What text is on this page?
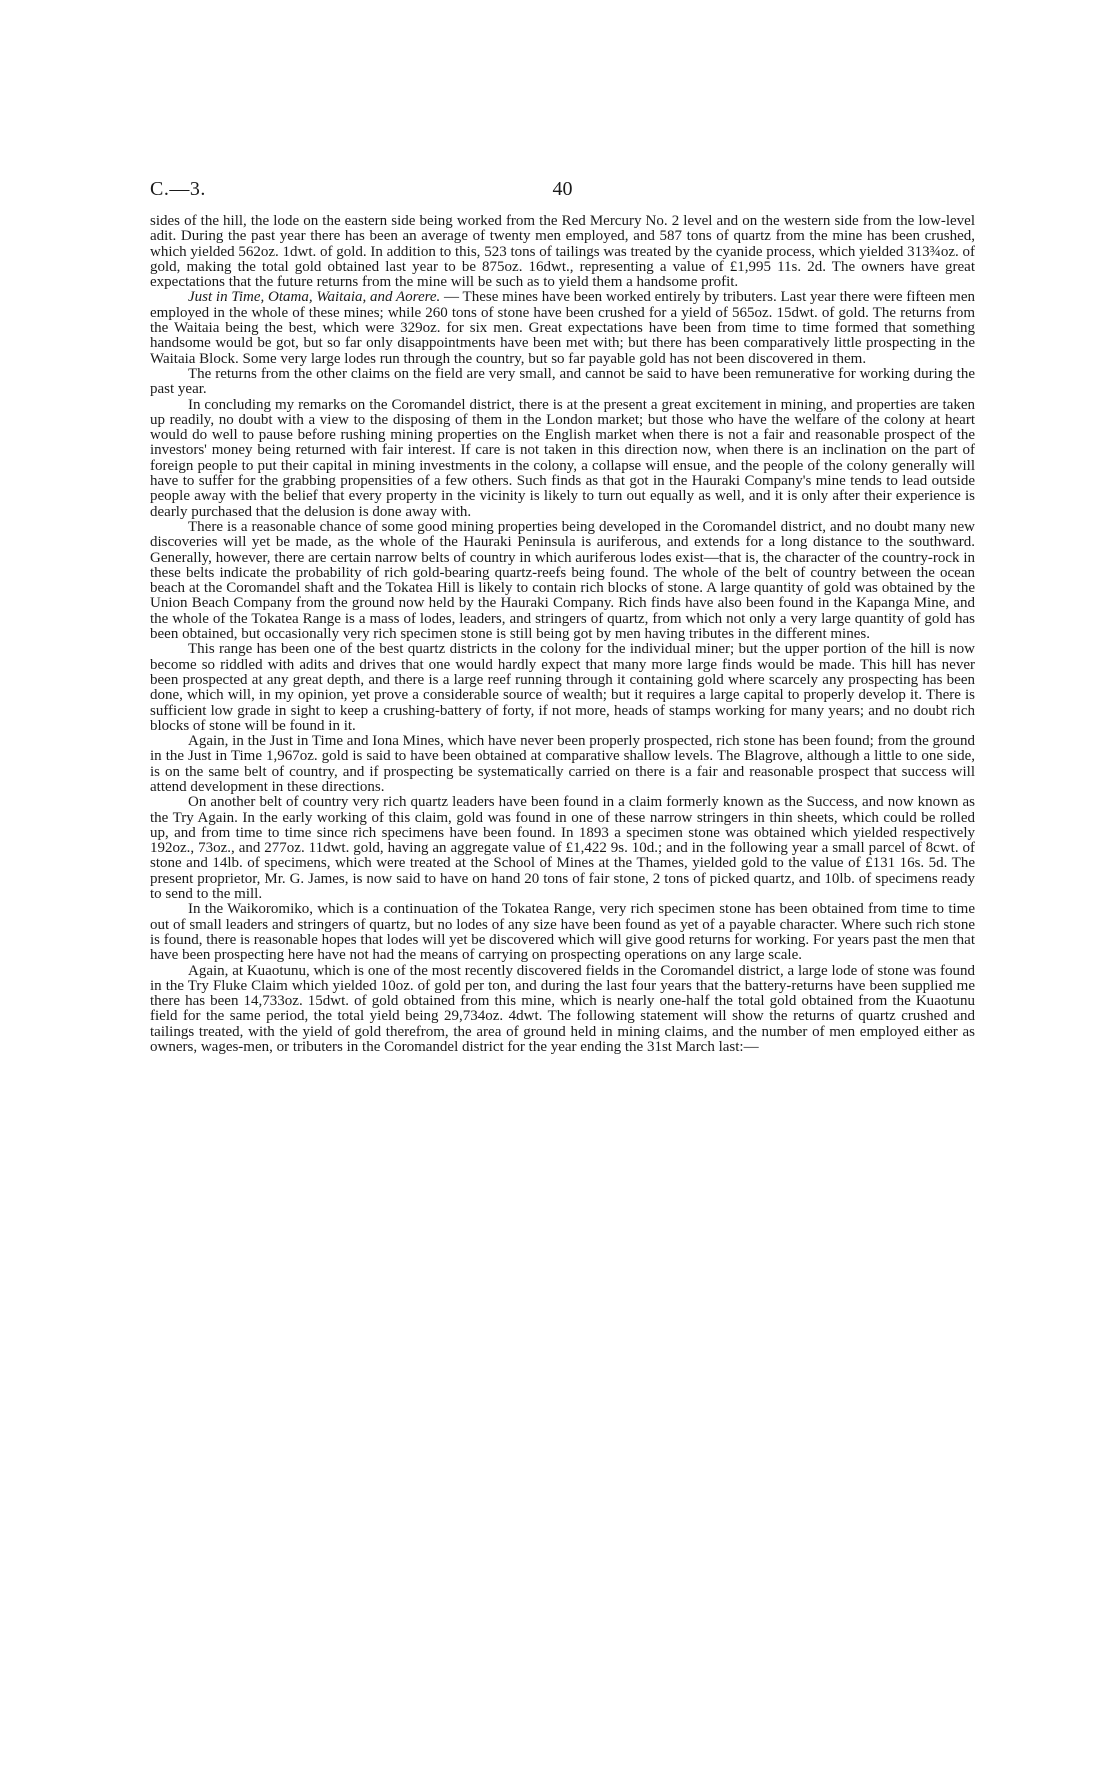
C.—3.	40

sides of the hill, the lode on the eastern side being worked from the Red Mercury No. 2 level and on the western side from the low-level adit. During the past year there has been an average of twenty men employed, and 587 tons of quartz from the mine has been crushed, which yielded 562oz. 1dwt. of gold. In addition to this, 523 tons of tailings was treated by the cyanide process, which yielded 313¾oz. of gold, making the total gold obtained last year to be 875oz. 16dwt., representing a value of £1,995 11s. 2d. The owners have great expectations that the future returns from the mine will be such as to yield them a handsome profit.

Just in Time, Otama, Waitaia, and Aorere. — These mines have been worked entirely by tributers. Last year there were fifteen men employed in the whole of these mines; while 260 tons of stone have been crushed for a yield of 565oz. 15dwt. of gold. The returns from the Waitaia being the best, which were 329oz. for six men. Great expectations have been from time to time formed that something handsome would be got, but so far only disappointments have been met with; but there has been comparatively little prospecting in the Waitaia Block. Some very large lodes run through the country, but so far payable gold has not been discovered in them.

The returns from the other claims on the field are very small, and cannot be said to have been remunerative for working during the past year.

In concluding my remarks on the Coromandel district, there is at the present a great excitement in mining, and properties are taken up readily, no doubt with a view to the disposing of them in the London market; but those who have the welfare of the colony at heart would do well to pause before rushing mining properties on the English market when there is not a fair and reasonable prospect of the investors' money being returned with fair interest. If care is not taken in this direction now, when there is an inclination on the part of foreign people to put their capital in mining investments in the colony, a collapse will ensue, and the people of the colony generally will have to suffer for the grabbing propensities of a few others. Such finds as that got in the Hauraki Company's mine tends to lead outside people away with the belief that every property in the vicinity is likely to turn out equally as well, and it is only after their experience is dearly purchased that the delusion is done away with.

There is a reasonable chance of some good mining properties being developed in the Coromandel district, and no doubt many new discoveries will yet be made, as the whole of the Hauraki Peninsula is auriferous, and extends for a long distance to the southward. Generally, however, there are certain narrow belts of country in which auriferous lodes exist—that is, the character of the country-rock in these belts indicate the probability of rich gold-bearing quartz-reefs being found. The whole of the belt of country between the ocean beach at the Coromandel shaft and the Tokatea Hill is likely to contain rich blocks of stone. A large quantity of gold was obtained by the Union Beach Company from the ground now held by the Hauraki Company. Rich finds have also been found in the Kapanga Mine, and the whole of the Tokatea Range is a mass of lodes, leaders, and stringers of quartz, from which not only a very large quantity of gold has been obtained, but occasionally very rich specimen stone is still being got by men having tributes in the different mines.

This range has been one of the best quartz districts in the colony for the individual miner; but the upper portion of the hill is now become so riddled with adits and drives that one would hardly expect that many more large finds would be made. This hill has never been prospected at any great depth, and there is a large reef running through it containing gold where scarcely any prospecting has been done, which will, in my opinion, yet prove a considerable source of wealth; but it requires a large capital to properly develop it. There is sufficient low grade in sight to keep a crushing-battery of forty, if not more, heads of stamps working for many years; and no doubt rich blocks of stone will be found in it.

Again, in the Just in Time and Iona Mines, which have never been properly prospected, rich stone has been found; from the ground in the Just in Time 1,967oz. gold is said to have been obtained at comparative shallow levels. The Blagrove, although a little to one side, is on the same belt of country, and if prospecting be systematically carried on there is a fair and reasonable prospect that success will attend development in these directions.

On another belt of country very rich quartz leaders have been found in a claim formerly known as the Success, and now known as the Try Again. In the early working of this claim, gold was found in one of these narrow stringers in thin sheets, which could be rolled up, and from time to time since rich specimens have been found. In 1893 a specimen stone was obtained which yielded respectively 192oz., 73oz., and 277oz. 11dwt. gold, having an aggregate value of £1,422 9s. 10d.; and in the following year a small parcel of 8cwt. of stone and 14lb. of specimens, which were treated at the School of Mines at the Thames, yielded gold to the value of £131 16s. 5d. The present proprietor, Mr. G. James, is now said to have on hand 20 tons of fair stone, 2 tons of picked quartz, and 10lb. of specimens ready to send to the mill.

In the Waikoromiko, which is a continuation of the Tokatea Range, very rich specimen stone has been obtained from time to time out of small leaders and stringers of quartz, but no lodes of any size have been found as yet of a payable character. Where such rich stone is found, there is reasonable hopes that lodes will yet be discovered which will give good returns for working. For years past the men that have been prospecting here have not had the means of carrying on prospecting operations on any large scale.

Again, at Kuaotunu, which is one of the most recently discovered fields in the Coromandel district, a large lode of stone was found in the Try Fluke Claim which yielded 10oz. of gold per ton, and during the last four years that the battery-returns have been supplied me there has been 14,733oz. 15dwt. of gold obtained from this mine, which is nearly one-half the total gold obtained from the Kuaotunu field for the same period, the total yield being 29,734oz. 4dwt. The following statement will show the returns of quartz crushed and tailings treated, with the yield of gold therefrom, the area of ground held in mining claims, and the number of men employed either as owners, wages-men, or tributers in the Coromandel district for the year ending the 31st March last:—
